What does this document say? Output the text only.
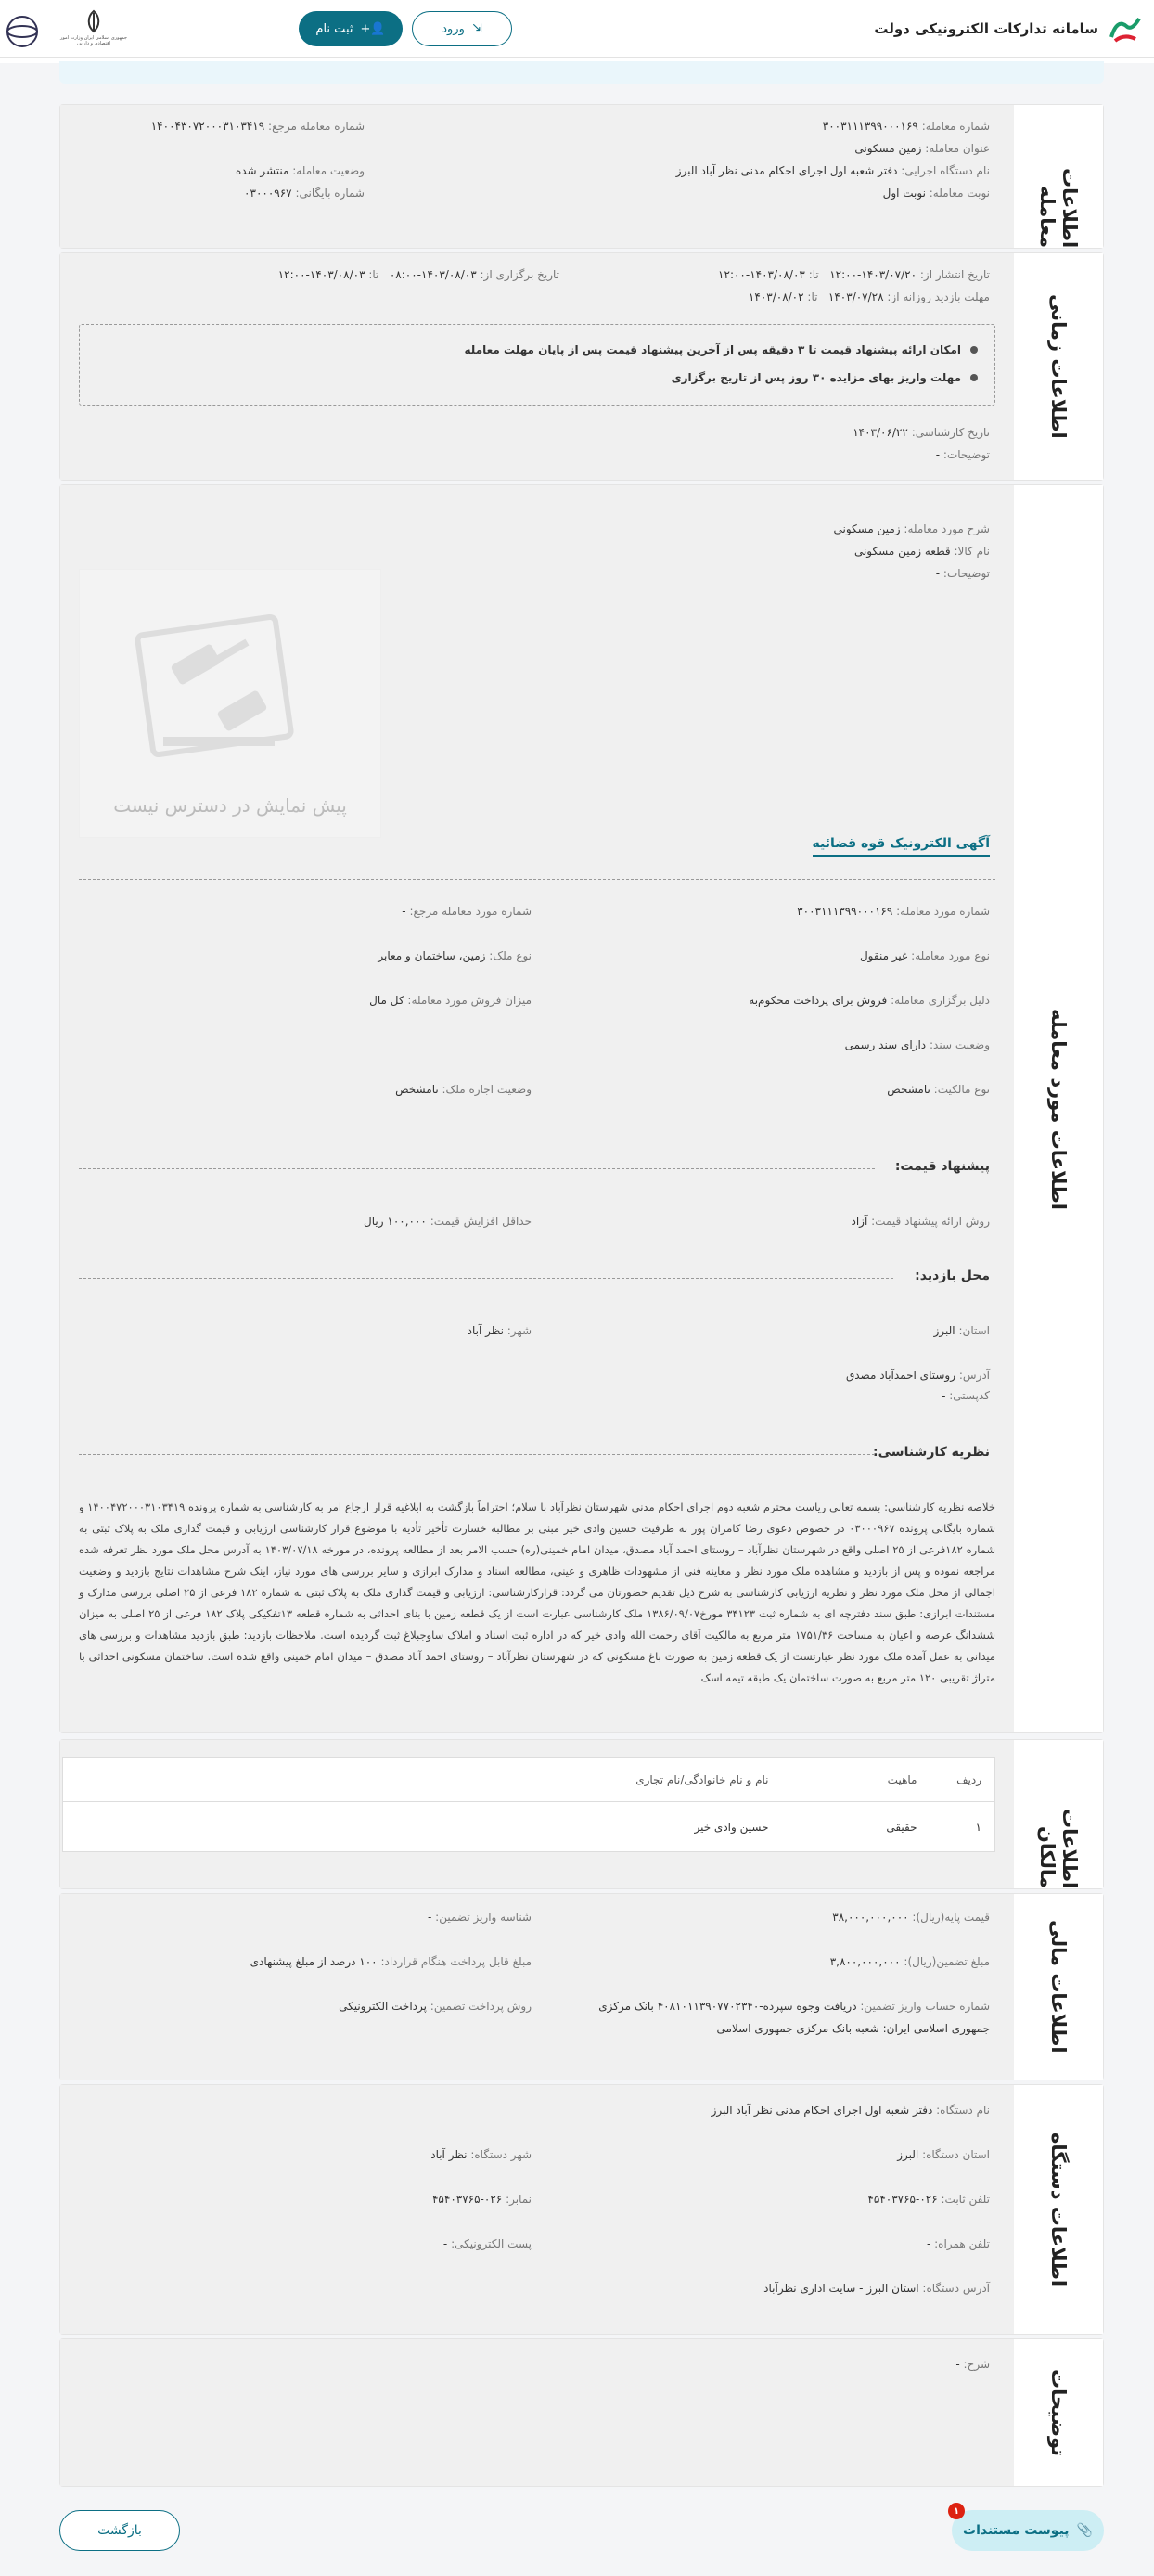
سامانه تدارکات الکترونیکی دولت
⇲
ورود
👤+
ثبت نام
جمهوری اسلامی ایران وزارت امور اقتصادی و دارایی
شماره معامله: ۳۰۰۳۱۱۱۳۹۹۰۰۰۱۶۹
شماره معامله مرجع: ۱۴۰۰۴۳۰۷۲۰۰۰۳۱۰۳۴۱۹
عنوان معامله: زمین مسکونی
نام دستگاه اجرایی: دفتر شعبه اول اجرای احکام مدنی نظر آباد البرز
وضعیت معامله: منتشر شده
نوبت معامله: نوبت اول
شماره بایگانی: ۰۳۰۰۰۹۶۷	اطلاعات معامله
تاریخ انتشار از: ۱۴۰۳/۰۷/۲۰-۱۲:۰۰   تا: ۱۴۰۳/۰۸/۰۳-۱۲:۰۰
تاریخ برگزاری از: ۱۴۰۳/۰۸/۰۳-۰۸:۰۰   تا: ۱۴۰۳/۰۸/۰۳-۱۲:۰۰
مهلت بازدید روزانه از: ۱۴۰۳/۰۷/۲۸   تا: ۱۴۰۳/۰۸/۰۲
امکان ارائه پیشنهاد قیمت تا ۳ دقیقه پس از آخرین پیشنهاد قیمت پس از پایان مهلت معامله
مهلت واریز بهای مزایده ۳۰ روز پس از تاریخ برگزاری
تاریخ کارشناسی: ۱۴۰۳/۰۶/۲۲
توضیحات: -
اطلاعات زمانی
شرح مورد معامله: زمین مسکونی
نام کالا: قطعه زمین مسکونی
توضیحات: -
پیش نمایش در دسترس نیست
آگهی الکترونیک قوه قضائیه
شماره مورد معامله: ۳۰۰۳۱۱۱۳۹۹۰۰۰۱۶۹
شماره مورد معامله مرجع: -
نوع مورد معامله: غیر منقول
نوع ملک: زمین، ساختمان و معابر
دلیل برگزاری معامله: فروش برای پرداخت محکوم‌به
میزان فروش مورد معامله: کل مال
وضعیت سند: دارای سند رسمی
نوع مالکیت: نامشخص
وضعیت اجاره ملک: نامشخص
پیشنهاد قیمت:
روش ارائه پیشنهاد قیمت: آزاد
حداقل افزایش قیمت: ۱۰۰,۰۰۰ ریال
محل بازدید:
استان: البرز
شهر: نظر آباد
آدرس: روستای احمدآباد مصدق
کدپستی: -
نظریه کارشناسی:
خلاصه نظریه کارشناسی: بسمه تعالی ریاست محترم شعبه دوم اجرای احکام مدنی شهرستان نظرآباد با سلام؛ احتراماً بازگشت به ابلاغیه قرار ارجاع امر به کارشناسی به شماره پرونده ۱۴۰۰۴۷۲۰۰۰۳۱۰۳۴۱۹ و شماره بایگانی پرونده ۰۳۰۰۰۹۶۷ در خصوص دعوی رضا کامران پور به طرفیت حسین وادی خیر مبنی بر مطالبه خسارت تأخیر تأدیه با موضوع قرار کارشناسی ارزیابی و قیمت گذاری ملک به پلاک ثبتی به شماره ۱۸۲فرعی از ۲۵ اصلی واقع در شهرستان نظرآباد – روستای احمد آباد مصدق، میدان امام خمینی(ره) حسب الامر بعد از مطالعه پرونده، در مورخه ۱۴۰۳/۰۷/۱۸ به آدرس محل ملک مورد نظر تعرفه شده مراجعه نموده و پس از بازدید و مشاهده ملک مورد نظر و معاینه فنی از مشهودات ظاهری و عینی، مطالعه اسناد و مدارک ابرازی و سایر بررسی های مورد نیاز، اینک شرح مشاهدات نتایج بازدید و وضعیت اجمالی از محل ملک مورد نظر و نظریه ارزیابی کارشناسی به شرح ذیل تقدیم حضورتان می گردد: قرارکارشناسی: ارزیابی و قیمت گذاری ملک به پلاک ثبتی به شماره ۱۸۲ فرعی از ۲۵ اصلی بررسی مدارک و مستندات ابرازی: طبق سند دفترچه ای به شماره ثبت ۳۴۱۲۳ مورخ۱۳۸۶/۰۹/۰۷ ملک کارشناسی عبارت است از یک قطعه زمین با بنای احداثی به شماره قطعه ۱۳تفکیکی پلاک ۱۸۲ فرعی از ۲۵ اصلی به میزان ششدانگ عرصه و اعیان به مساحت ۱۷۵۱/۳۶ متر مربع به مالکیت آقای رحمت الله وادی خیر که در اداره ثبت اسناد و املاک ساوجبلاغ ثبت گردیده است. ملاحظات بازدید: طبق بازدید مشاهدات و بررسی های میدانی به عمل آمده ملک مورد نظر عبارتست از یک قطعه زمین به صورت باغ مسکونی که در شهرستان نظرآباد – روستای احمد آباد مصدق – میدان امام خمینی واقع شده است. ساختمان مسکونی احداثی با متراژ تقریبی ۱۲۰ متر مربع به صورت ساختمان یک طبقه تیمه اسک
اطلاعات مورد معامله
ردیف	ماهیت	نام و نام خانوادگی/نام تجاری
۱	حقیقی	حسین وادی خیر	اطلاعات مالکان
قیمت پایه(ریال): ۳۸,۰۰۰,۰۰۰,۰۰۰
شناسه واریز تضمین: -
مبلغ تضمین(ریال): ۳,۸۰۰,۰۰۰,۰۰۰
مبلغ قابل پرداخت هنگام قرارداد: ۱۰۰ درصد از مبلغ پیشنهادی
شماره حساب واریز تضمین: دریافت وجوه سپرده-۴۰۸۱۰۱۱۳۹۰۷۷۰۲۳۴۰ بانک مرکزی
جمهوری اسلامی ایران: شعبه بانک مرکزی جمهوری اسلامی
روش پرداخت تضمین: پرداخت الکترونیکی	اطلاعات مالی
نام دستگاه: دفتر شعبه اول اجرای احکام مدنی نظر آباد البرز
استان دستگاه: البرز
شهر دستگاه: نظر آباد
تلفن ثابت: ۰۲۶-۴۵۴۰۳۷۶۵
نمابر: ۰۲۶-۴۵۴۰۳۷۶۵
تلفن همراه: -
پست الکترونیکی: -
آدرس دستگاه: استان البرز - سایت اداری نظرآباد
اطلاعات دستگاه
شرح: -
توضیحات
بازگشت	📎
پیوست مستندات
۱
